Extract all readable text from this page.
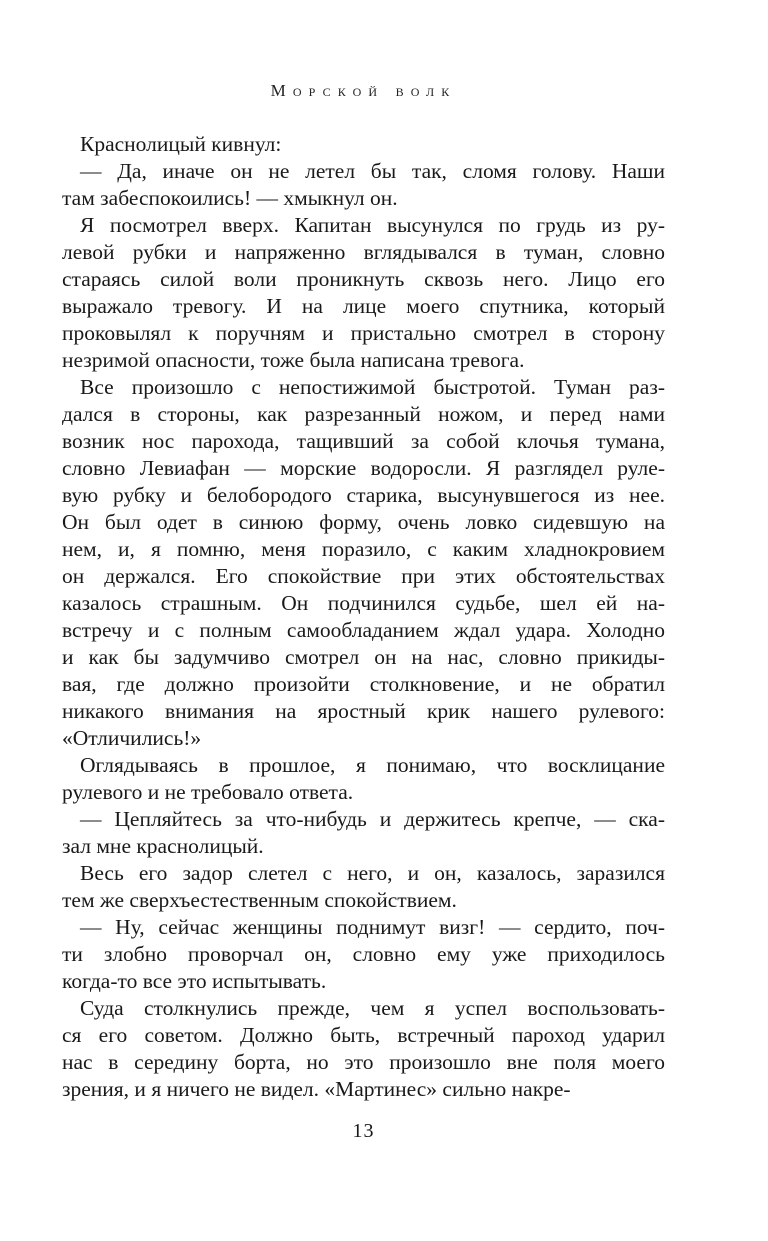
Морской волк
Краснолицый кивнул:
— Да, иначе он не летел бы так, сломя голову. Наши
там забеспокоились! — хмыкнул он.
Я посмотрел вверх. Капитан высунулся по грудь из ру-
левой рубки и напряженно вглядывался в туман, словно
стараясь силой воли проникнуть сквозь него. Лицо его
выражало тревогу. И на лице моего спутника, который
проковылял к поручням и пристально смотрел в сторону
незримой опасности, тоже была написана тревога.
Все произошло с непостижимой быстротой. Туман раз-
дался в стороны, как разрезанный ножом, и перед нами
возник нос парохода, тащивший за собой клочья тумана,
словно Левиафан — морские водоросли. Я разглядел руле-
вую рубку и белобородого старика, высунувшегося из нее.
Он был одет в синюю форму, очень ловко сидевшую на
нем, и, я помню, меня поразило, с каким хладнокровием
он держался. Его спокойствие при этих обстоятельствах
казалось страшным. Он подчинился судьбе, шел ей на-
встречу и с полным самообладанием ждал удара. Холодно
и как бы задумчиво смотрел он на нас, словно прикиды-
вая, где должно произойти столкновение, и не обратил
никакого внимания на яростный крик нашего рулевого:
«Отличились!»
Оглядываясь в прошлое, я понимаю, что восклицание
рулевого и не требовало ответа.
— Цепляйтесь за что-нибудь и держитесь крепче, — ска-
зал мне краснолицый.
Весь его задор слетел с него, и он, казалось, заразился
тем же сверхъестественным спокойствием.
— Ну, сейчас женщины поднимут визг! — сердито, поч-
ти злобно проворчал он, словно ему уже приходилось
когда-то все это испытывать.
Суда столкнулись прежде, чем я успел воспользовать-
ся его советом. Должно быть, встречный пароход ударил
нас в середину борта, но это произошло вне поля моего
зрения, и я ничего не видел. «Мартинес» сильно накре-
13
